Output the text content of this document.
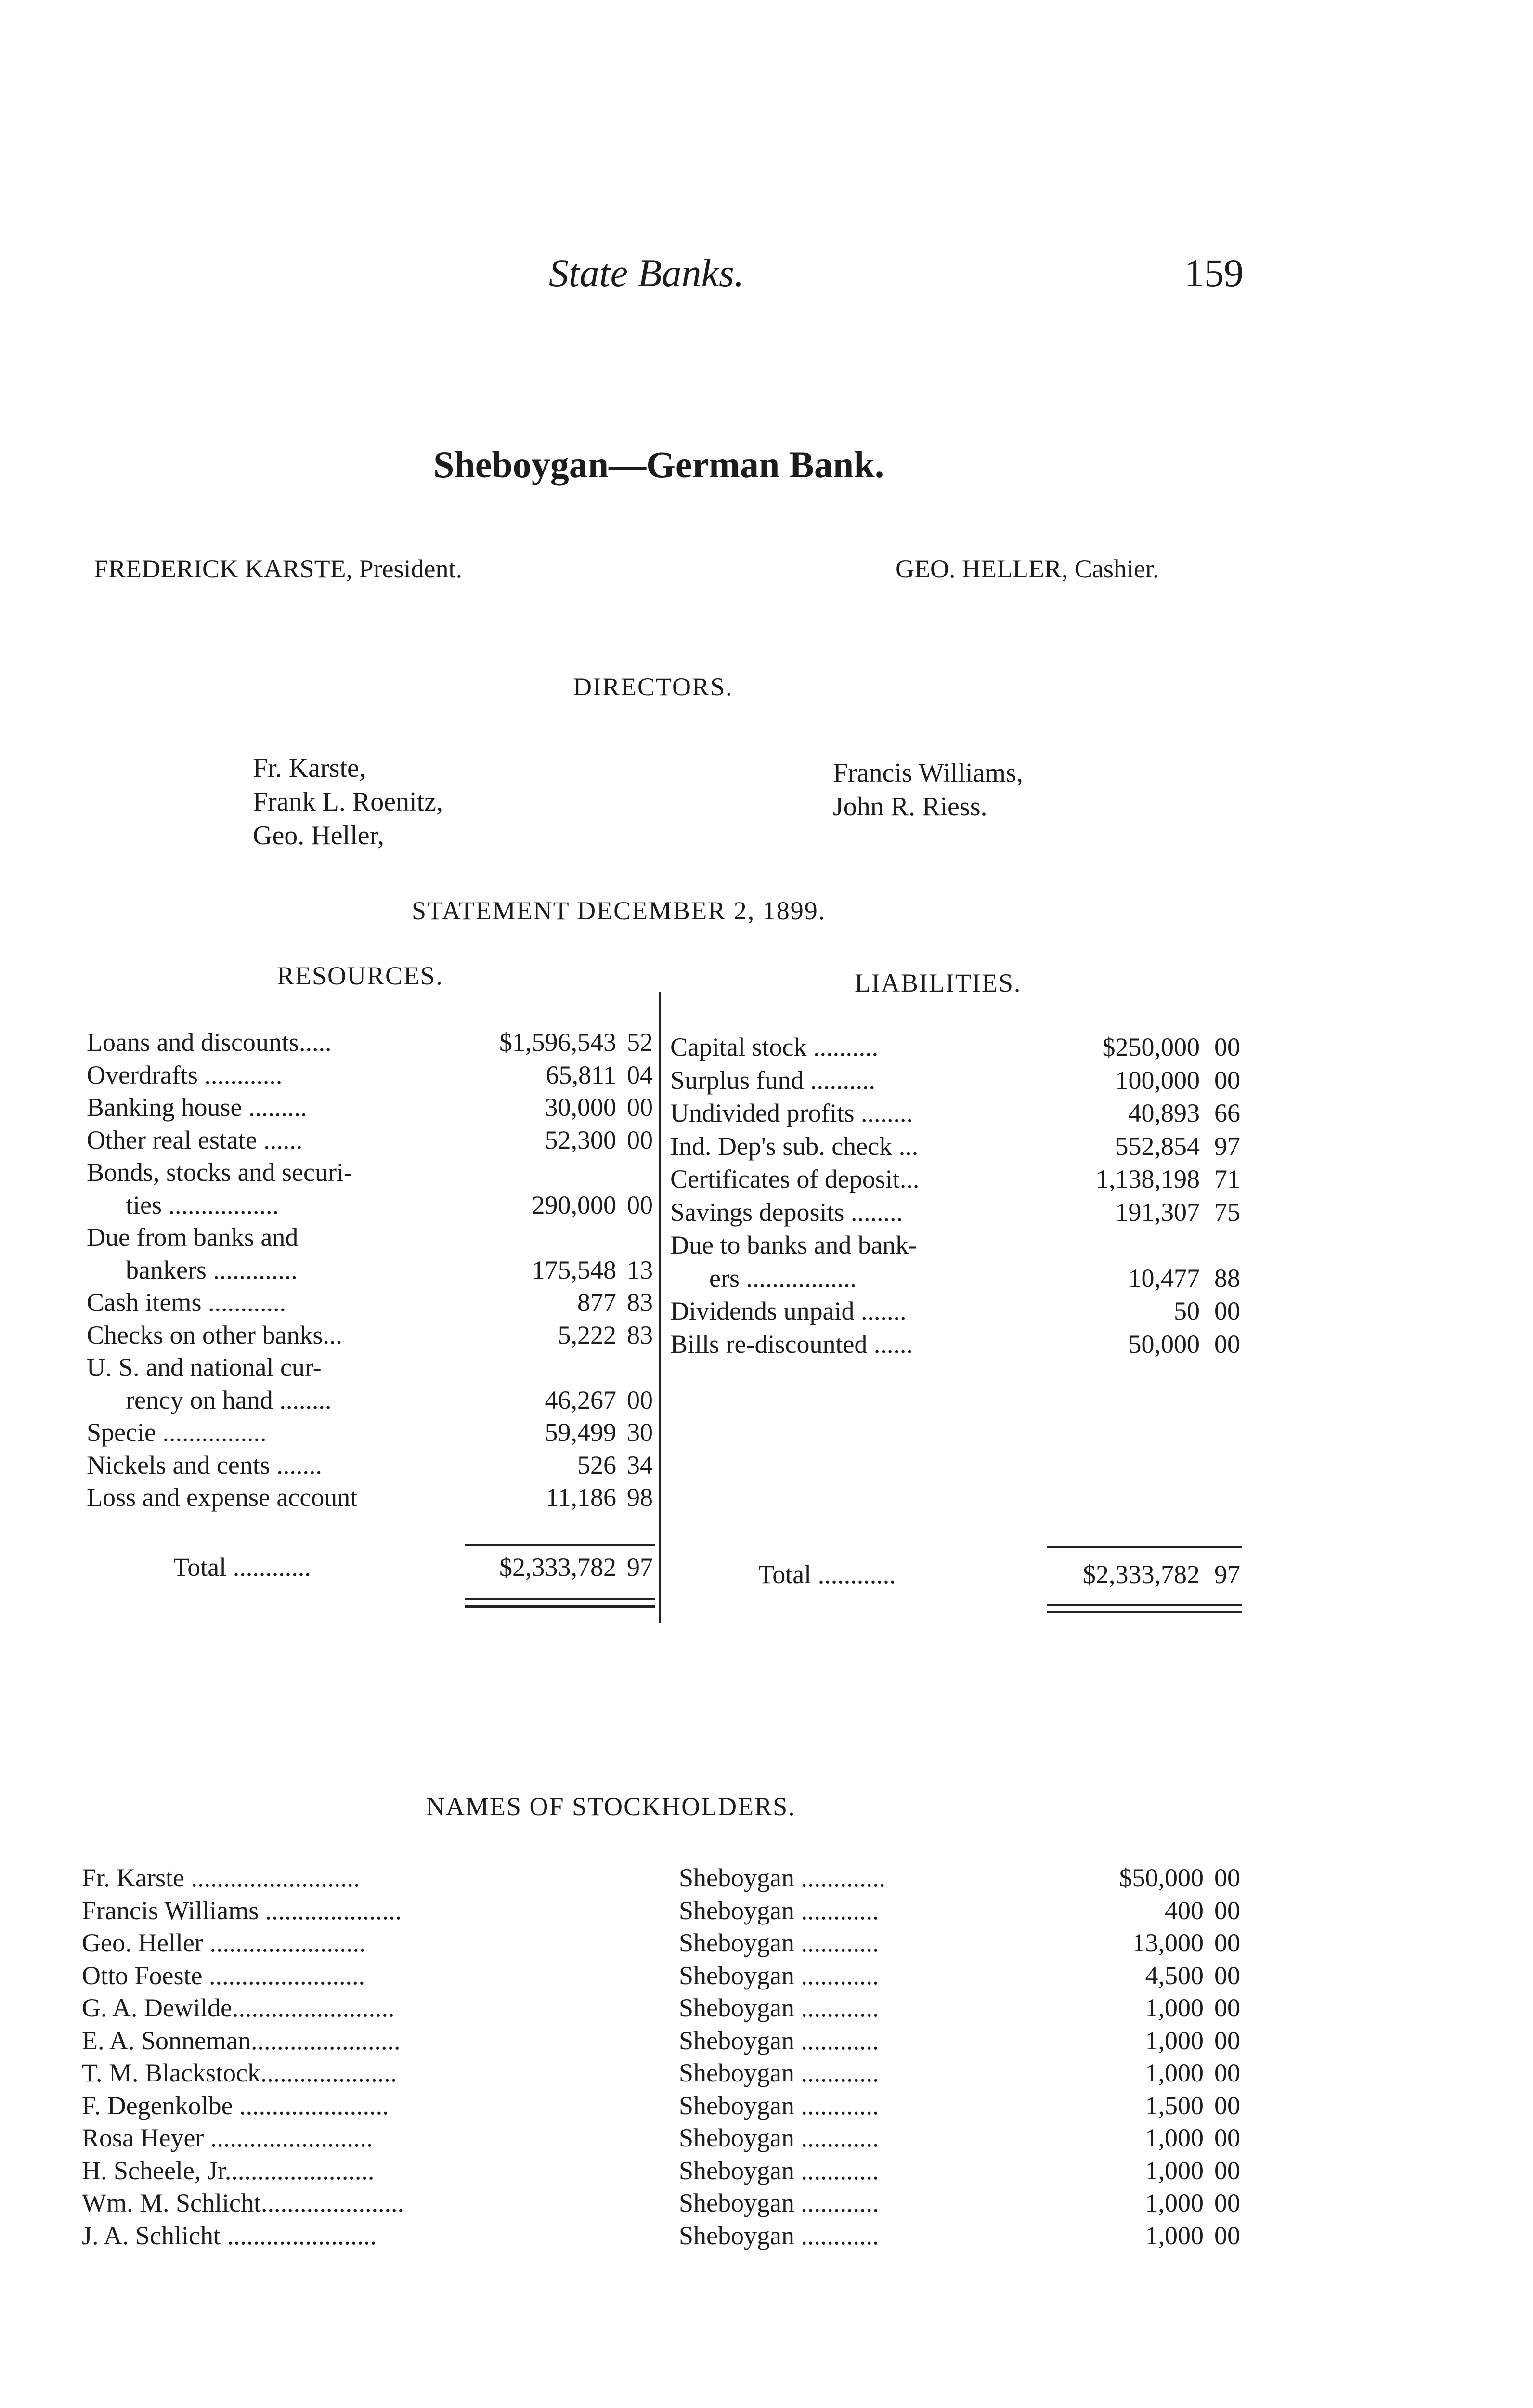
State Banks.	159
Sheboygan—German Bank.
FREDERICK KARSTE, President.	GEO. HELLER, Cashier.
DIRECTORS.
Fr. Karste,
Frank L. Roenitz,
Geo. Heller,
Francis Williams,
John R. Riess.
STATEMENT DECEMBER 2, 1899.
RESOURCES.	LIABILITIES.
Loans and discounts.....	$1,596,543 52
Overdrafts ............	65,811 04
Banking house .........	30,000 00
Other real estate ......	52,300 00
Bonds, stocks and securi-
ties .................	290,000 00
Due from banks and
bankers .............	175,548 13
Cash items ............	877 83
Checks on other banks...	5,222 83
U. S. and national cur-
rency on hand ........	46,267 00
Specie ................	59,499 30
Nickels and cents .......	526 34
Loss and expense account	11,186 98
Total ............	$2,333,782 97
Capital stock ..........	$250,000 00
Surplus fund ..........	100,000 00
Undivided profits ........	40,893 66
Ind. Dep's sub. check ...	552,854 97
Certificates of deposit...	1,138,198 71
Savings deposits ........	191,307 75
Due to banks and bank-
ers .................	10,477 88
Dividends unpaid .......	50 00
Bills re-discounted ......	50,000 00
Total ............	$2,333,782 97
NAMES OF STOCKHOLDERS.
Fr. Karste ..........................	Sheboygan .............	$50,000 00
Francis Williams .....................	Sheboygan ............	400 00
Geo. Heller ........................	Sheboygan ............	13,000 00
Otto Foeste ........................	Sheboygan ............	4,500 00
G. A. Dewilde.........................	Sheboygan ............	1,000 00
E. A. Sonneman.......................	Sheboygan ............	1,000 00
T. M. Blackstock.....................	Sheboygan ............	1,000 00
F. Degenkolbe .......................	Sheboygan ............	1,500 00
Rosa Heyer .........................	Sheboygan ............	1,000 00
H. Scheele, Jr.......................	Sheboygan ............	1,000 00
Wm. M. Schlicht......................	Sheboygan ............	1,000 00
J. A. Schlicht .......................	Sheboygan ............	1,000 00
